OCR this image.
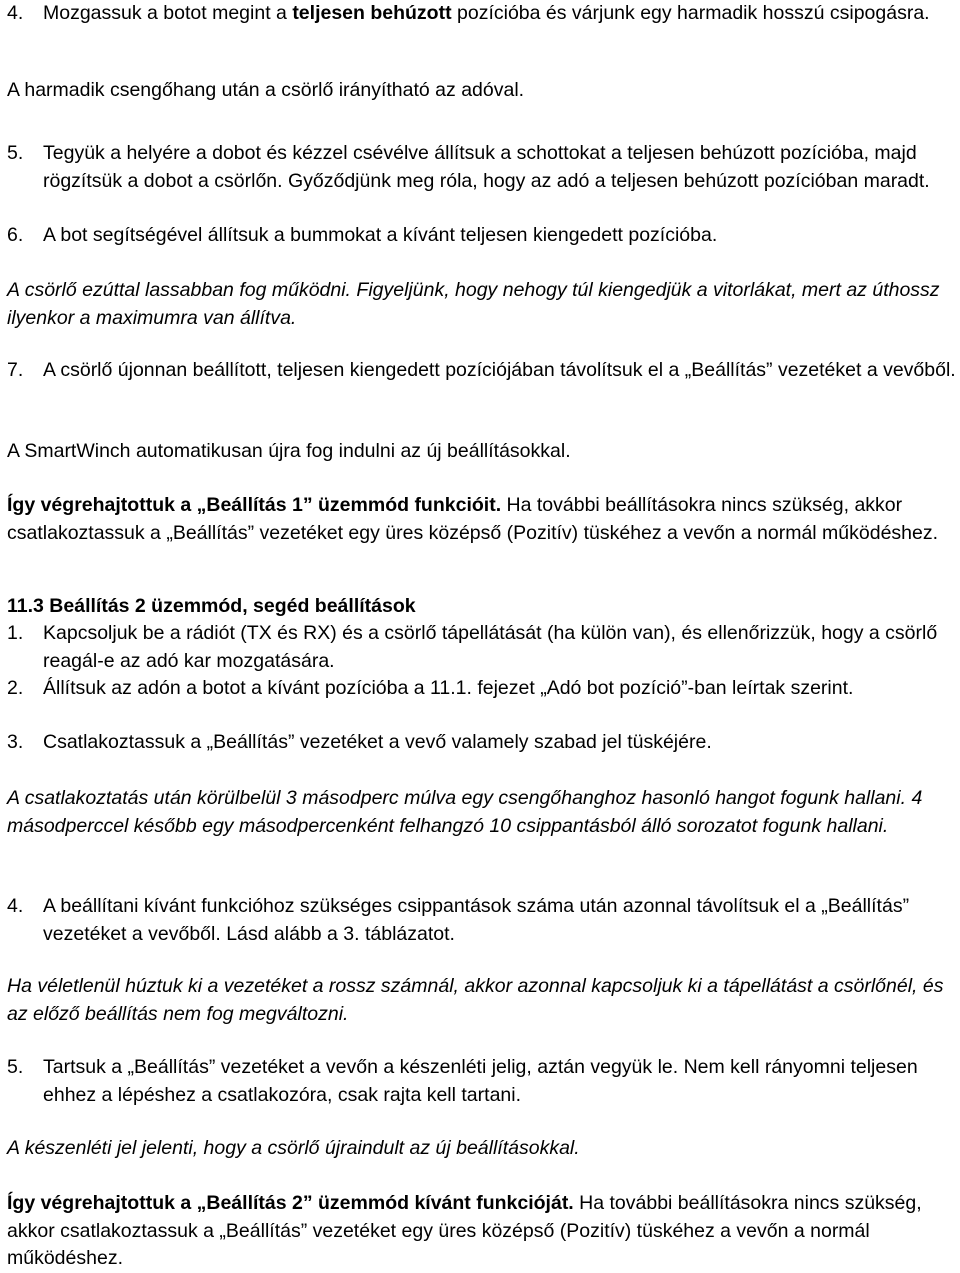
4. Mozgassuk a botot megint a teljesen behúzott pozícióba és várjunk egy harmadik hosszú csipogásra.
A harmadik csengőhang után a csörlő irányítható az adóval.
5. Tegyük a helyére a dobot és kézzel csévélve állítsuk a schottokat a teljesen behúzott pozícióba, majd rögzítsük a dobot a csörlőn. Győződjünk meg róla, hogy az adó a teljesen behúzott pozícióban maradt.
6. A bot segítségével állítsuk a bummokat a kívánt teljesen kiengedett pozícióba.
A csörlő ezúttal lassabban fog működni. Figyeljünk, hogy nehogy túl kiengedjük a vitorlákat, mert az úthossz ilyenkor a maximumra van állítva.
7. A csörlő újonnan beállított, teljesen kiengedett pozíciójában távolítsuk el a „Beállítás” vezetéket a vevőből.
A SmartWinch automatikusan újra fog indulni az új beállításokkal.
Így végrehajtottuk a „Beállítás 1” üzemmód funkcióit. Ha további beállításokra nincs szükség, akkor csatlakoztassuk a „Beállítás” vezetéket egy üres középső (Pozitív) tüskéhez a vevőn a normál működéshez.
11.3 Beállítás 2 üzemmód, segéd beállítások
1. Kapcsoljuk be a rádiót (TX és RX) és a csörlő tápellátását (ha külön van), és ellenőrizzük, hogy a csörlő reagál-e az adó kar mozgatására.
2. Állítsuk az adón a botot a kívánt pozícióba a 11.1. fejezet „Adó bot pozíció”-ban leírtak szerint.
3. Csatlakoztassuk a „Beállítás” vezetéket a vevő valamely szabad jel tüskéjére.
A csatlakoztatás után körülbelül 3 másodperc múlva egy csengőhanghoz hasonló hangot fogunk hallani. 4 másodperccel később egy másodpercenként felhangzó 10 csippantásból álló sorozatot fogunk hallani.
4. A beállítani kívánt funkcióhoz szükséges csippantások száma után azonnal távolítsuk el a „Beállítás” vezetéket a vevőből. Lásd alább a 3. táblázatot.
Ha véletlenül húztuk ki a vezetéket a rossz számnál, akkor azonnal kapcsoljuk ki a tápellátást a csörlőnél, és az előző beállítás nem fog megváltozni.
5. Tartsuk a „Beállítás” vezetéket a vevőn a készenléti jelig, aztán vegyük le. Nem kell rányomni teljesen ehhez a lépéshez a csatlakozóra, csak rajta kell tartani.
A készenléti jel jelenti, hogy a csörlő újraindult az új beállításokkal.
Így végrehajtottuk a „Beállítás 2” üzemmód kívánt funkcióját. Ha további beállításokra nincs szükség, akkor csatlakoztassuk a „Beállítás” vezetéket egy üres középső (Pozitív) tüskéhez a vevőn a normál működéshez.
